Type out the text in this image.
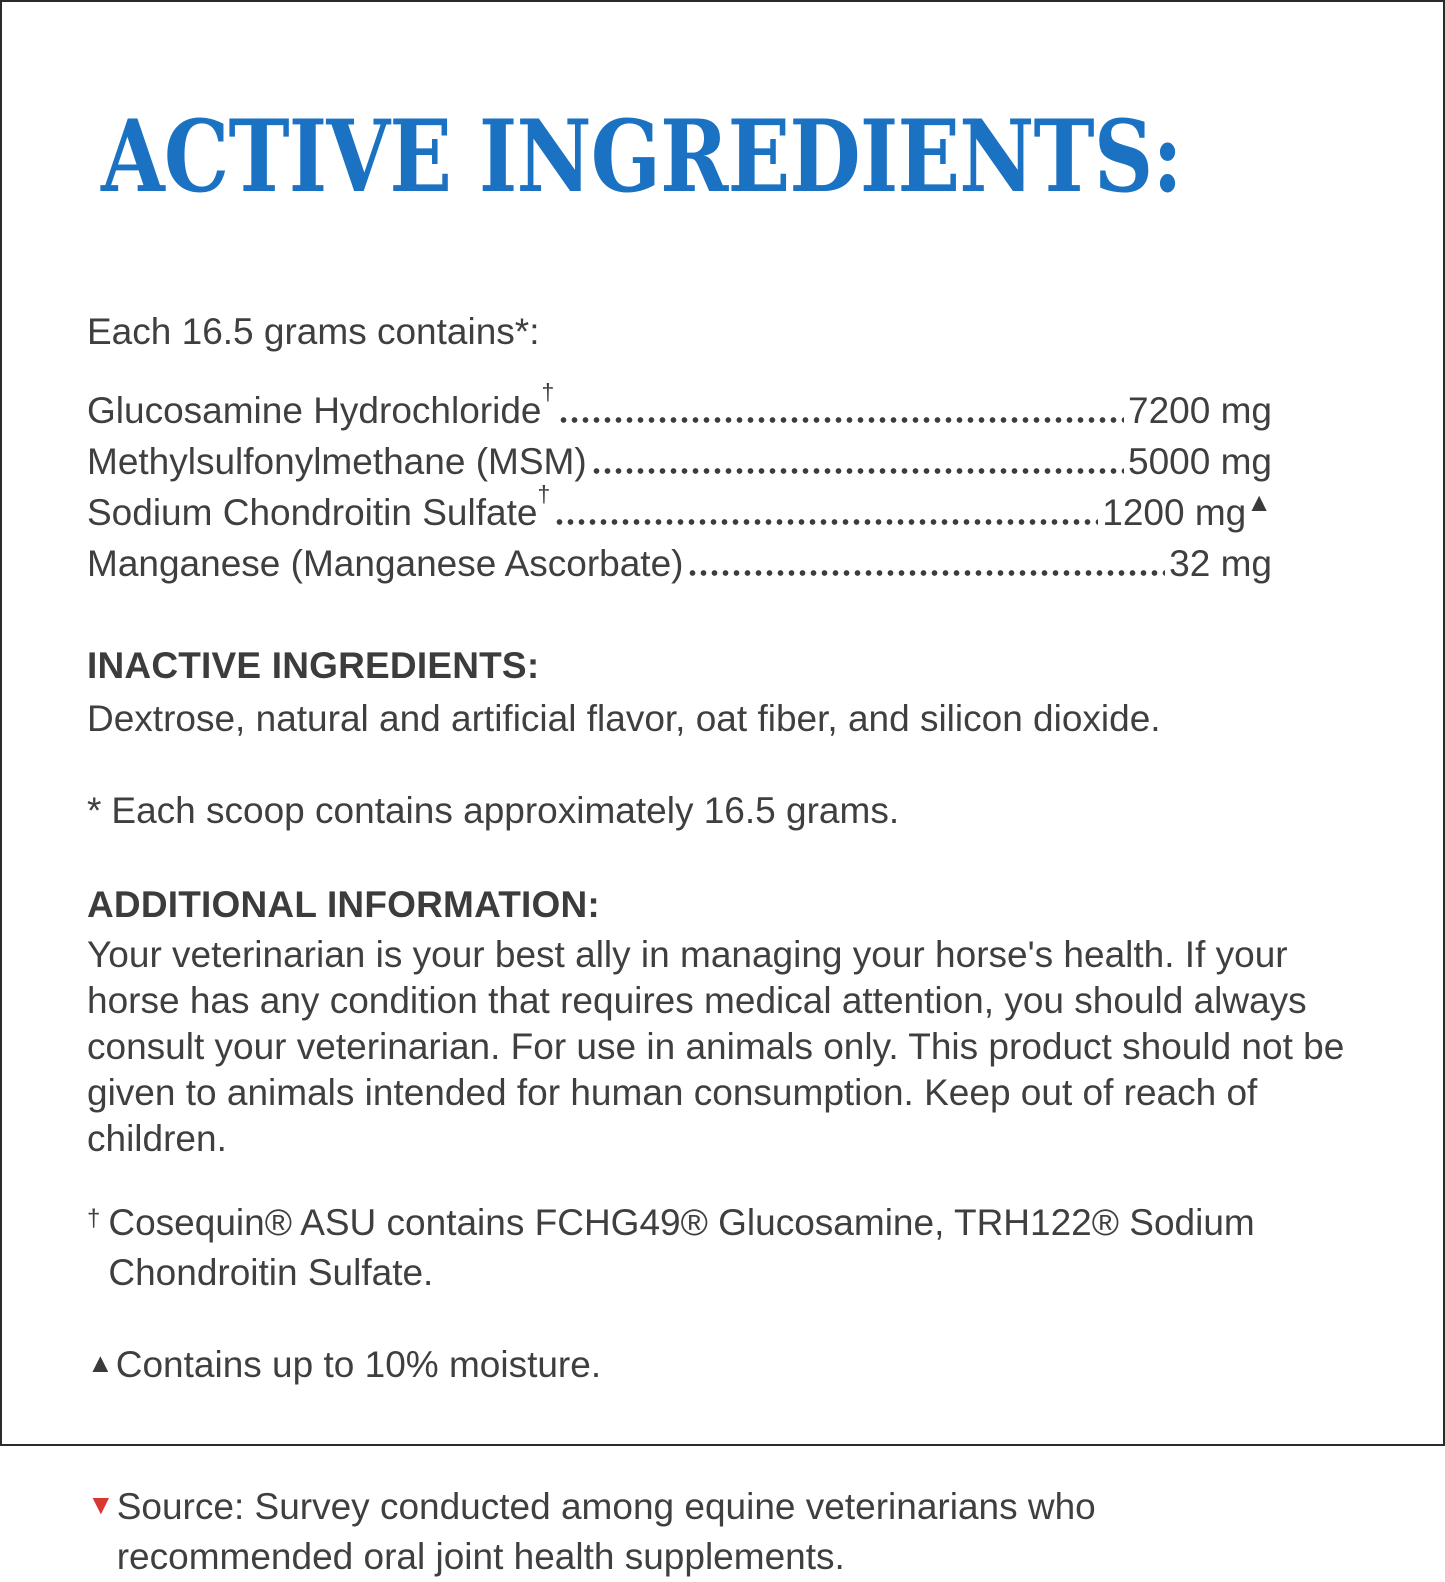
ACTIVE INGREDIENTS:
Each 16.5 grams contains*:
Glucosamine Hydrochloride†	7200 mg
Methylsulfonylmethane (MSM)	5000 mg
Sodium Chondroitin Sulfate†	1200 mg▲
Manganese (Manganese Ascorbate)	32 mg
INACTIVE INGREDIENTS:
Dextrose, natural and artificial flavor, oat fiber, and silicon dioxide.
* Each scoop contains approximately 16.5 grams.
ADDITIONAL INFORMATION:
Your veterinarian is your best ally in managing your horse's health. If your horse has any condition that requires medical attention, you should always consult your veterinarian. For use in animals only. This product should not be given to animals intended for human consumption. Keep out of reach of children.
† Cosequin® ASU contains FCHG49® Glucosamine, TRH122® Sodium Chondroitin Sulfate.
▲ Contains up to 10% moisture.
▼ Source: Survey conducted among equine veterinarians who recommended oral joint health supplements.
